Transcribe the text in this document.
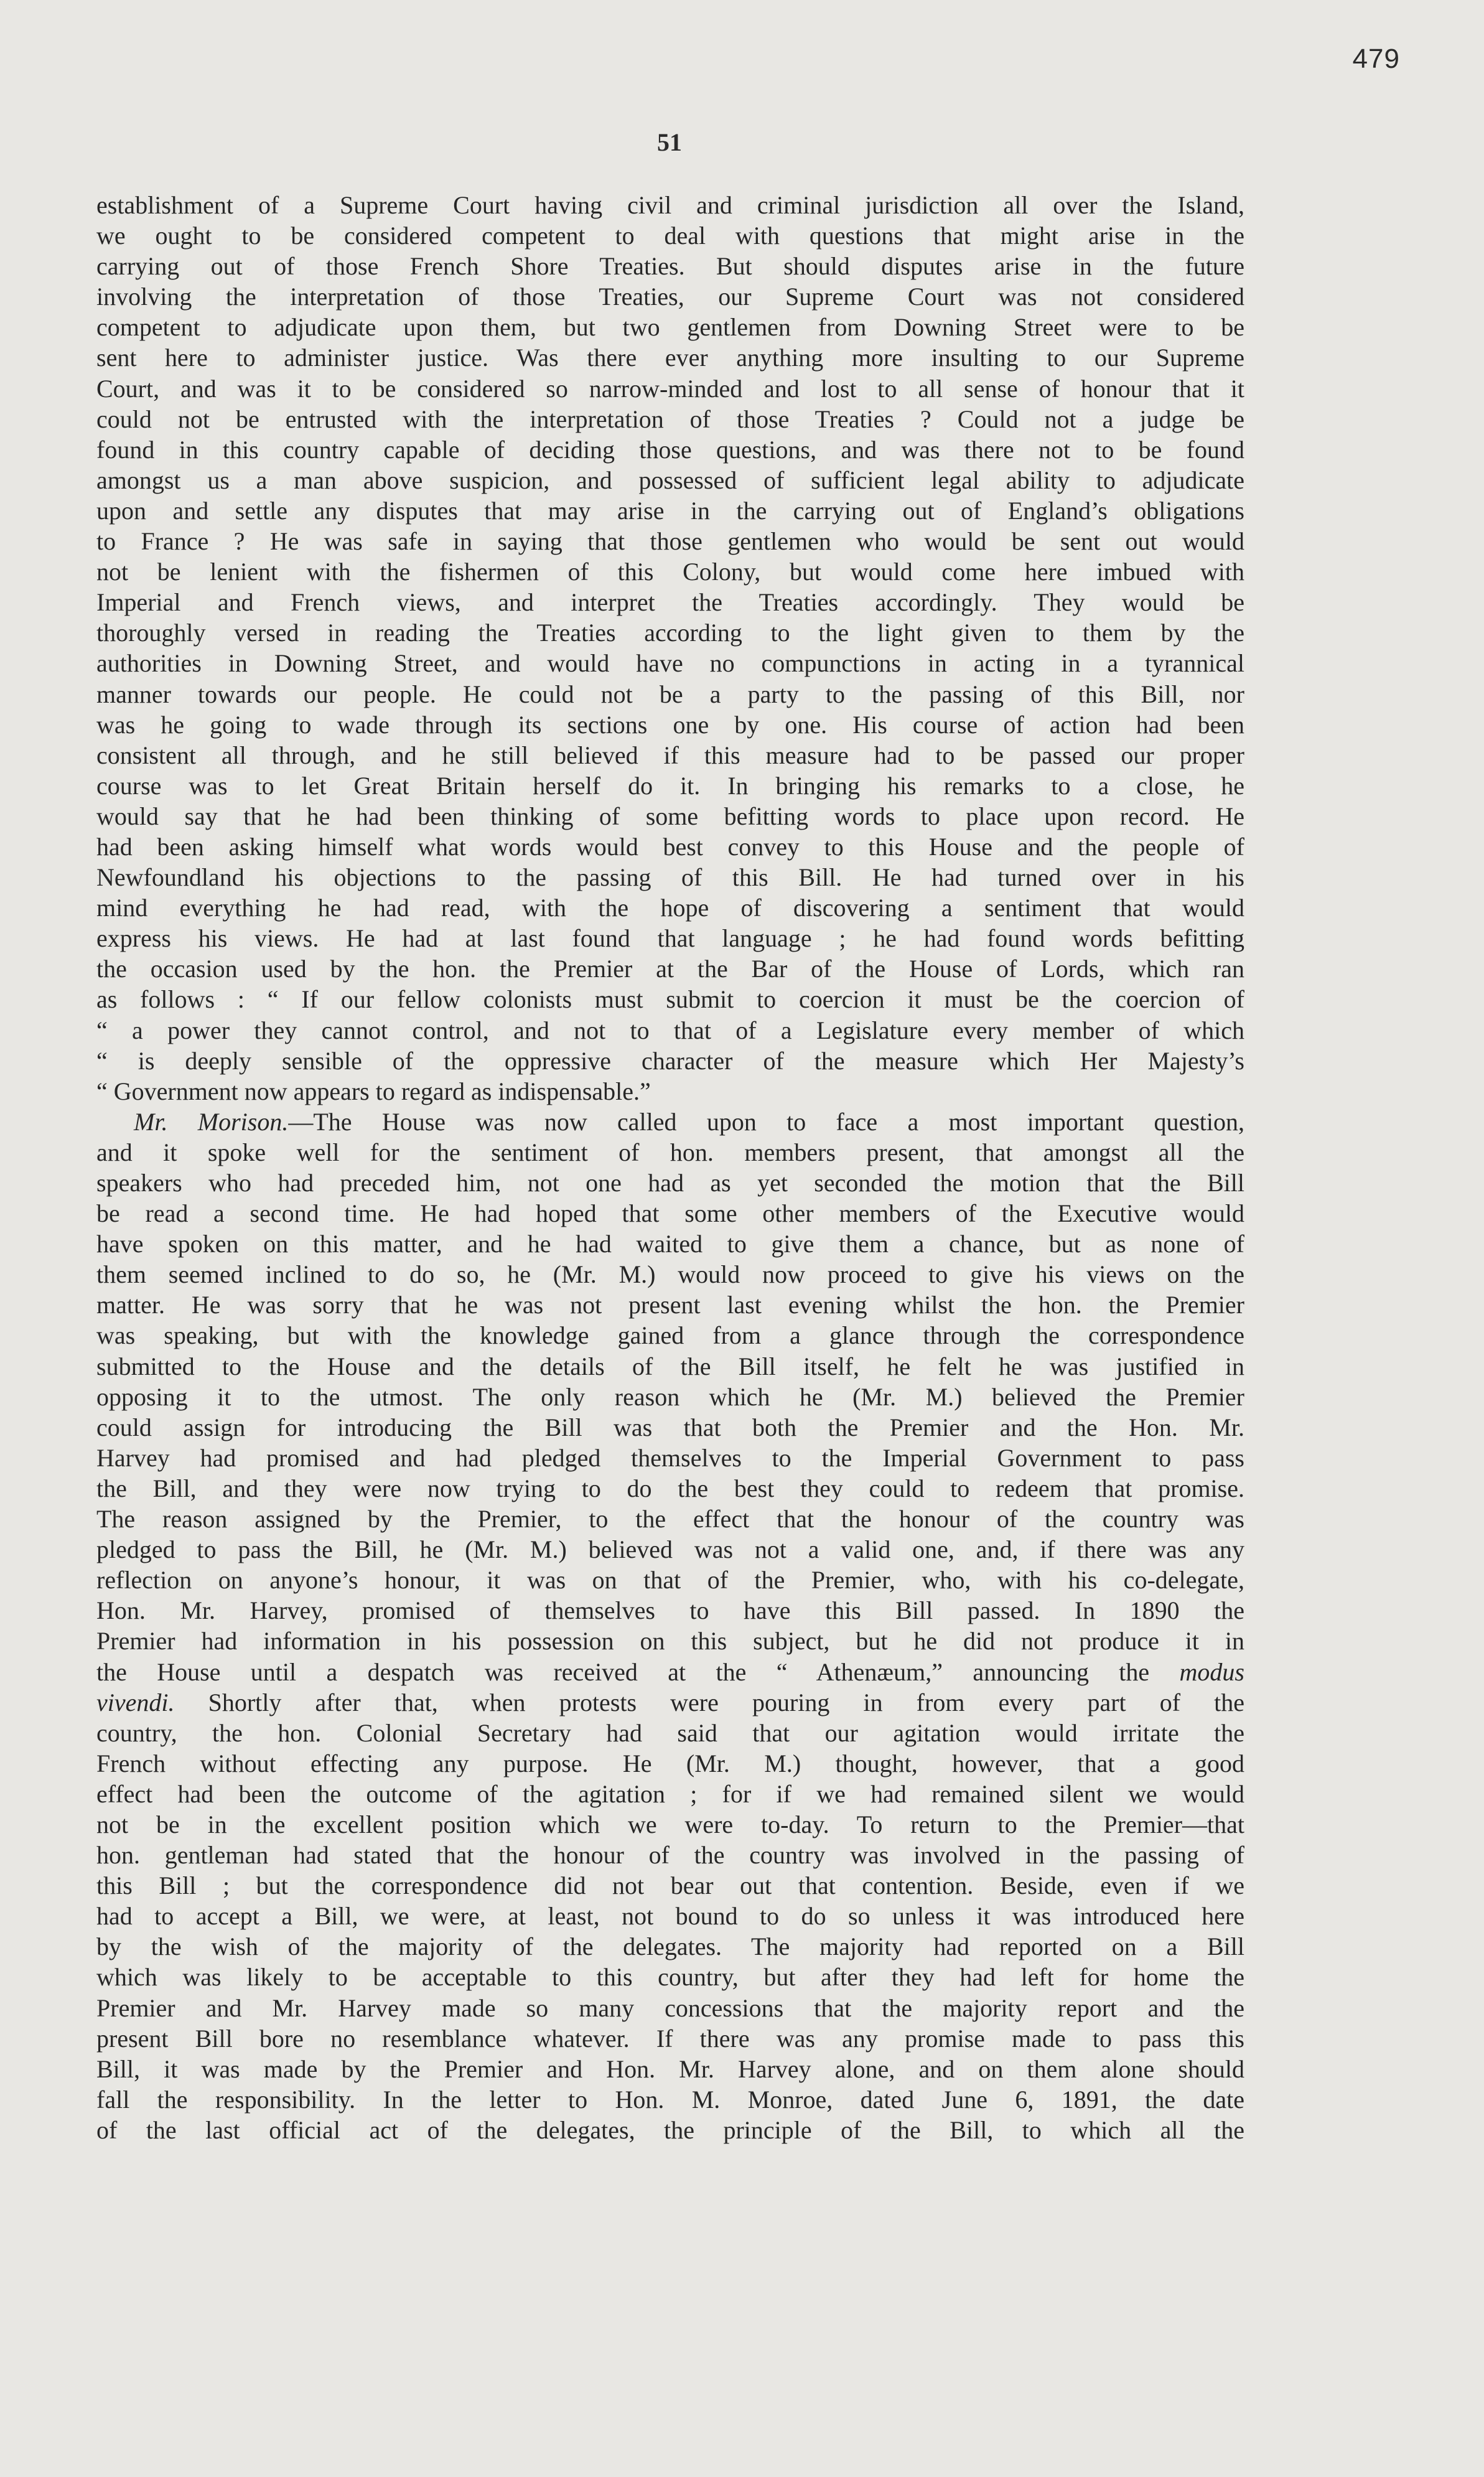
479
51
establishment of a Supreme Court having civil and criminal jurisdiction all over the Island,
we ought to be considered competent to deal with questions that might arise in the
carrying out of those French Shore Treaties. But should disputes arise in the future
involving the interpretation of those Treaties, our Supreme Court was not considered
competent to adjudicate upon them, but two gentlemen from Downing Street were to be
sent here to administer justice. Was there ever anything more insulting to our Supreme
Court, and was it to be considered so narrow-minded and lost to all sense of honour that it
could not be entrusted with the interpretation of those Treaties ? Could not a judge be
found in this country capable of deciding those questions, and was there not to be found
amongst us a man above suspicion, and possessed of sufficient legal ability to adjudicate
upon and settle any disputes that may arise in the carrying out of England’s obligations
to France ? He was safe in saying that those gentlemen who would be sent out would
not be lenient with the fishermen of this Colony, but would come here imbued with
Imperial and French views, and interpret the Treaties accordingly. They would be
thoroughly versed in reading the Treaties according to the light given to them by the
authorities in Downing Street, and would have no compunctions in acting in a tyrannical
manner towards our people. He could not be a party to the passing of this Bill, nor
was he going to wade through its sections one by one. His course of action had been
consistent all through, and he still believed if this measure had to be passed our proper
course was to let Great Britain herself do it. In bringing his remarks to a close, he
would say that he had been thinking of some befitting words to place upon record. He
had been asking himself what words would best convey to this House and the people of
Newfoundland his objections to the passing of this Bill. He had turned over in his
mind everything he had read, with the hope of discovering a sentiment that would
express his views. He had at last found that language ; he had found words befitting
the occasion used by the hon. the Premier at the Bar of the House of Lords, which ran
as follows : “ If our fellow colonists must submit to coercion it must be the coercion of
“ a power they cannot control, and not to that of a Legislature every member of which
“ is deeply sensible of the oppressive character of the measure which Her Majesty’s
“ Government now appears to regard as indispensable.”
Mr. Morison.—The House was now called upon to face a most important question,
and it spoke well for the sentiment of hon. members present, that amongst all the
speakers who had preceded him, not one had as yet seconded the motion that the Bill
be read a second time. He had hoped that some other members of the Executive would
have spoken on this matter, and he had waited to give them a chance, but as none of
them seemed inclined to do so, he (Mr. M.) would now proceed to give his views on the
matter. He was sorry that he was not present last evening whilst the hon. the Premier
was speaking, but with the knowledge gained from a glance through the correspondence
submitted to the House and the details of the Bill itself, he felt he was justified in
opposing it to the utmost. The only reason which he (Mr. M.) believed the Premier
could assign for introducing the Bill was that both the Premier and the Hon. Mr.
Harvey had promised and had pledged themselves to the Imperial Government to pass
the Bill, and they were now trying to do the best they could to redeem that promise.
The reason assigned by the Premier, to the effect that the honour of the country was
pledged to pass the Bill, he (Mr. M.) believed was not a valid one, and, if there was any
reflection on anyone’s honour, it was on that of the Premier, who, with his co-delegate,
Hon. Mr. Harvey, promised of themselves to have this Bill passed. In 1890 the
Premier had information in his possession on this subject, but he did not produce it in
the House until a despatch was received at the “ Athenæum,” announcing the modus
vivendi. Shortly after that, when protests were pouring in from every part of the
country, the hon. Colonial Secretary had said that our agitation would irritate the
French without effecting any purpose. He (Mr. M.) thought, however, that a good
effect had been the outcome of the agitation ; for if we had remained silent we would
not be in the excellent position which we were to-day. To return to the Premier—that
hon. gentleman had stated that the honour of the country was involved in the passing of
this Bill ; but the correspondence did not bear out that contention. Beside, even if we
had to accept a Bill, we were, at least, not bound to do so unless it was introduced here
by the wish of the majority of the delegates. The majority had reported on a Bill
which was likely to be acceptable to this country, but after they had left for home the
Premier and Mr. Harvey made so many concessions that the majority report and the
present Bill bore no resemblance whatever. If there was any promise made to pass this
Bill, it was made by the Premier and Hon. Mr. Harvey alone, and on them alone should
fall the responsibility. In the letter to Hon. M. Monroe, dated June 6, 1891, the date
of the last official act of the delegates, the principle of the Bill, to which all the
